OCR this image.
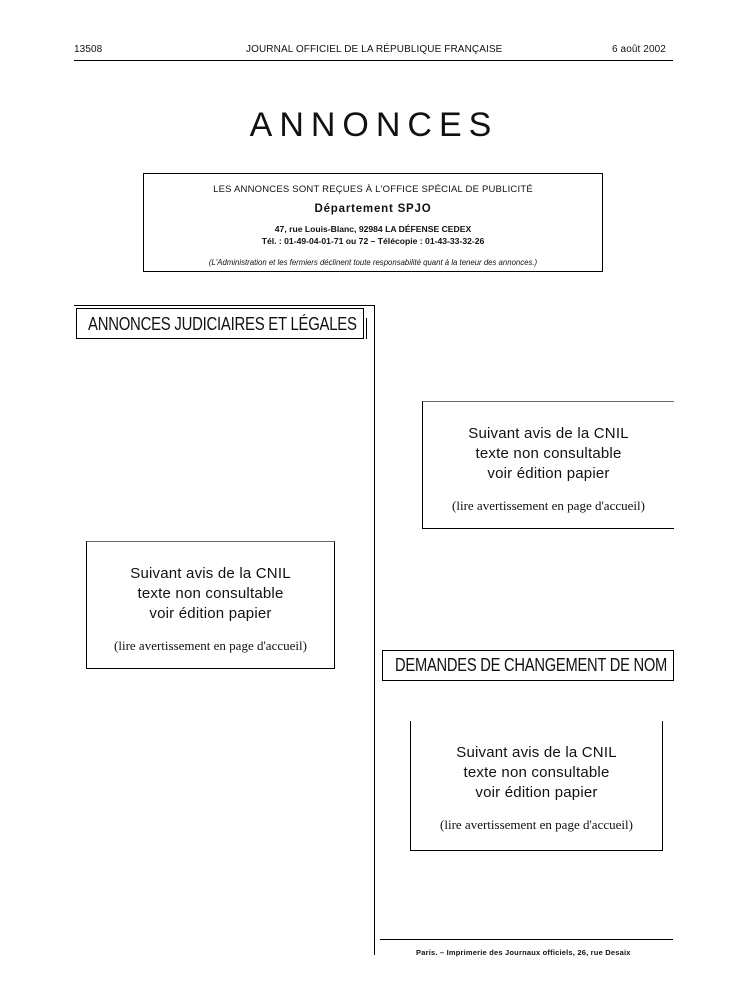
13508	JOURNAL OFFICIEL DE LA RÉPUBLIQUE FRANÇAISE	6 août 2002
ANNONCES
LES ANNONCES SONT REÇUES À L'OFFICE SPÉCIAL DE PUBLICITÉ
Département SPJO
47, rue Louis-Blanc, 92984 LA DÉFENSE CEDEX
Tél. : 01-49-04-01-71 ou 72 – Télécopie : 01-43-33-32-26
(L'Administration et les fermiers déclinent toute responsabilité quant à la teneur des annonces.)
ANNONCES JUDICIAIRES ET LÉGALES
Suivant avis de la CNIL
texte non consultable
voir édition papier
(lire avertissement en page d'accueil)
Suivant avis de la CNIL
texte non consultable
voir édition papier
(lire avertissement en page d'accueil)
DEMANDES DE CHANGEMENT DE NOM
Suivant avis de la CNIL
texte non consultable
voir édition papier
(lire avertissement en page d'accueil)
Paris. – Imprimerie des Journaux officiels, 26, rue Desaix
